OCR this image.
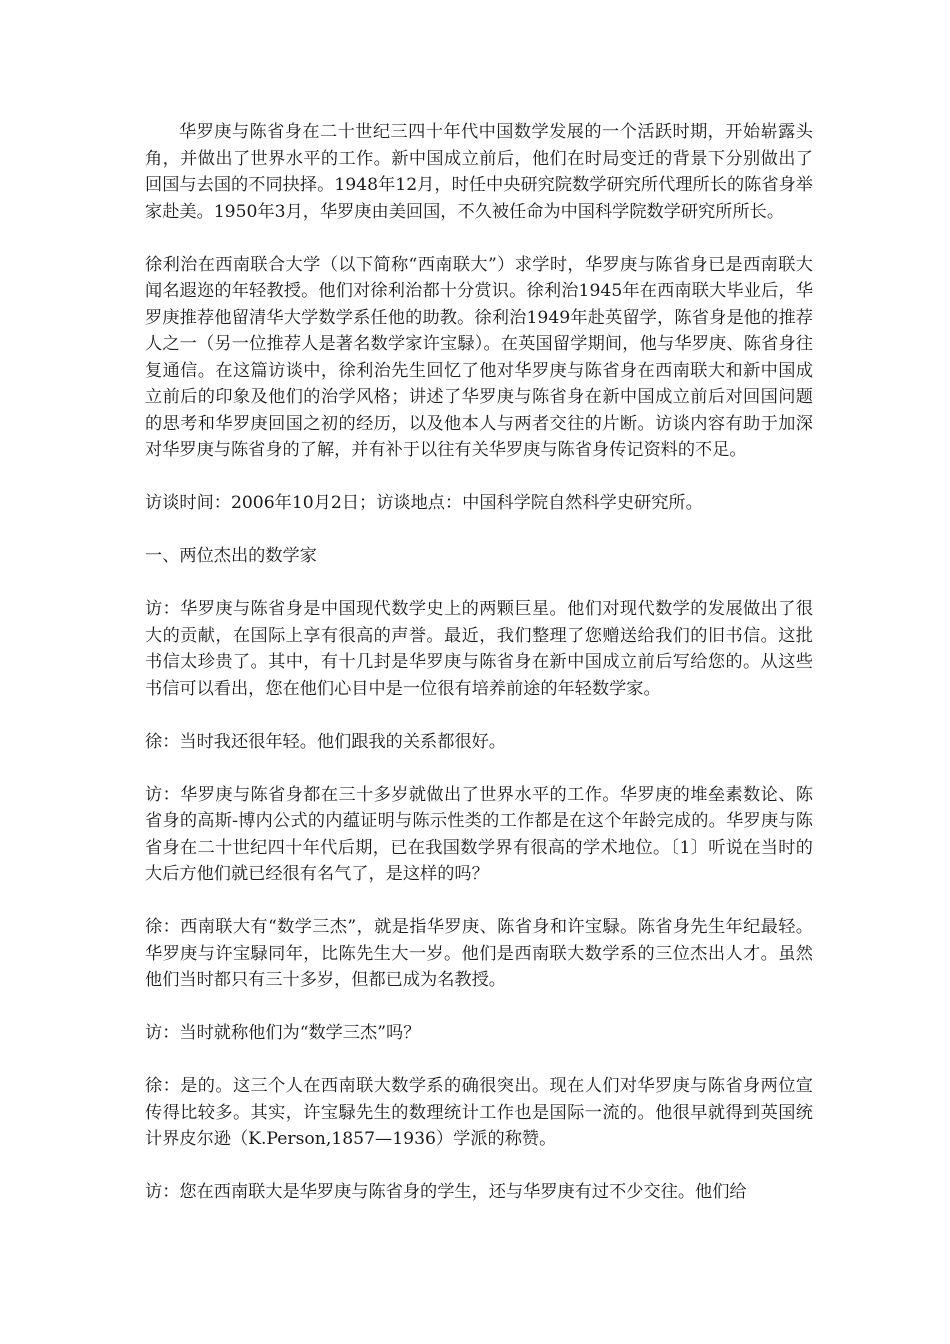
华罗庚与陈省身在二十世纪三四十年代中国数学发展的一个活跃时期，开始崭露头角，并做出了世界水平的工作。新中国成立前后，他们在时局变迁的背景下分别做出了回国与去国的不同抉择。1948年12月，时任中央研究院数学研究所代理所长的陈省身举家赴美。1950年3月，华罗庚由美回国，不久被任命为中国科学院数学研究所所长。

徐利治在西南联合大学（以下简称“西南联大”）求学时，华罗庚与陈省身已是西南联大闻名遐迩的年轻教授。他们对徐利治都十分赏识。徐利治1945年在西南联大毕业后，华罗庚推荐他留清华大学数学系任他的助教。徐利治1949年赴英留学，陈省身是他的推荐人之一（另一位推荐人是著名数学家许宝騄）。在英国留学期间，他与华罗庚、陈省身往复通信。在这篇访谈中，徐利治先生回忆了他对华罗庚与陈省身在西南联大和新中国成立前后的印象及他们的治学风格；讲述了华罗庚与陈省身在新中国成立前后对回国问题的思考和华罗庚回国之初的经历，以及他本人与两者交往的片断。访谈内容有助于加深对华罗庚与陈省身的了解，并有补于以往有关华罗庚与陈省身传记资料的不足。

访谈时间：2006年10月2日；访谈地点：中国科学院自然科学史研究所。

一、两位杰出的数学家

访：华罗庚与陈省身是中国现代数学史上的两颗巨星。他们对现代数学的发展做出了很大的贡献，在国际上享有很高的声誉。最近，我们整理了您赠送给我们的旧书信。这批书信太珍贵了。其中，有十几封是华罗庚与陈省身在新中国成立前后写给您的。从这些书信可以看出，您在他们心目中是一位很有培养前途的年轻数学家。

徐：当时我还很年轻。他们跟我的关系都很好。

访：华罗庚与陈省身都在三十多岁就做出了世界水平的工作。华罗庚的堆垒素数论、陈省身的高斯-博内公式的内蕴证明与陈示性类的工作都是在这个年龄完成的。华罗庚与陈省身在二十世纪四十年代后期，已在我国数学界有很高的学术地位。〔1〕听说在当时的大后方他们就已经很有名气了，是这样的吗？

徐：西南联大有“数学三杰”，就是指华罗庚、陈省身和许宝騄。陈省身先生年纪最轻。华罗庚与许宝騄同年，比陈先生大一岁。他们是西南联大数学系的三位杰出人才。虽然他们当时都只有三十多岁，但都已成为名教授。

访：当时就称他们为“数学三杰”吗？

徐：是的。这三个人在西南联大数学系的确很突出。现在人们对华罗庚与陈省身两位宣传得比较多。其实，许宝騄先生的数理统计工作也是国际一流的。他很早就得到英国统计界皮尔逊（K.Person,1857—1936）学派的称赞。

访：您在西南联大是华罗庚与陈省身的学生，还与华罗庚有过不少交往。他们给
